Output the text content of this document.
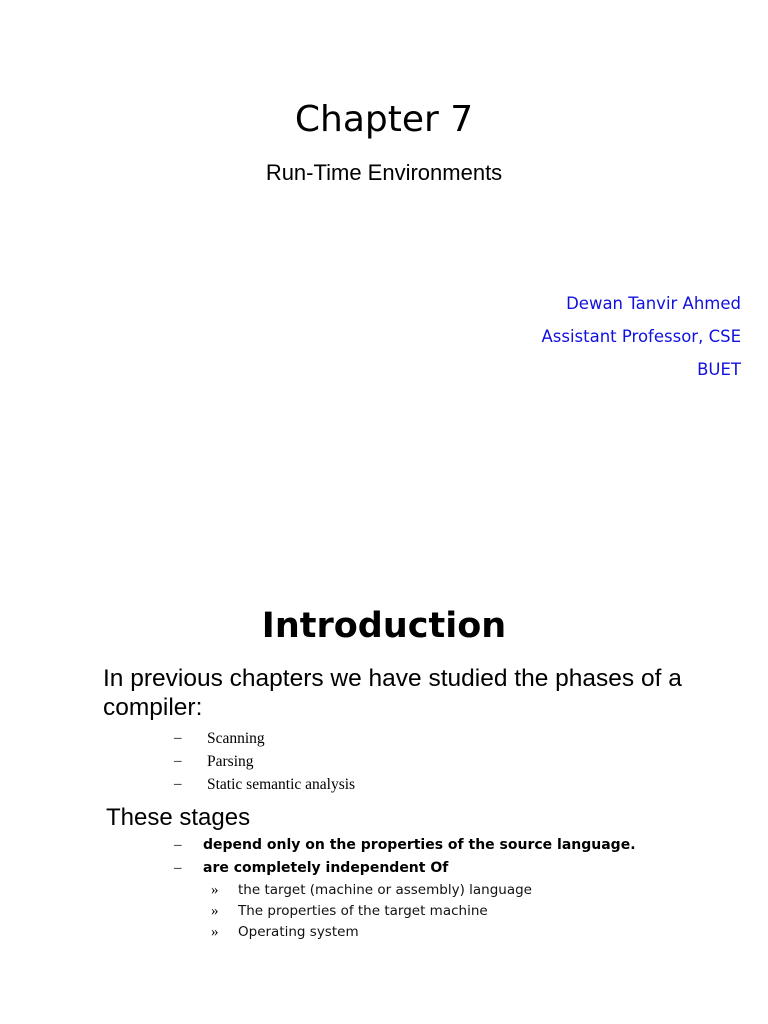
Chapter 7

Run-Time Environments

Dewan Tanvir Ahmed
Assistant Professor, CSE
BUET
Introduction

In previous chapters we have studied the phases of a compiler:

– Scanning
– Parsing
– Static semantic analysis

These stages

– depend only on the properties of the source language.
– are completely independent Of
» the target (machine or assembly) language
» The properties of the target machine
» Operating system
